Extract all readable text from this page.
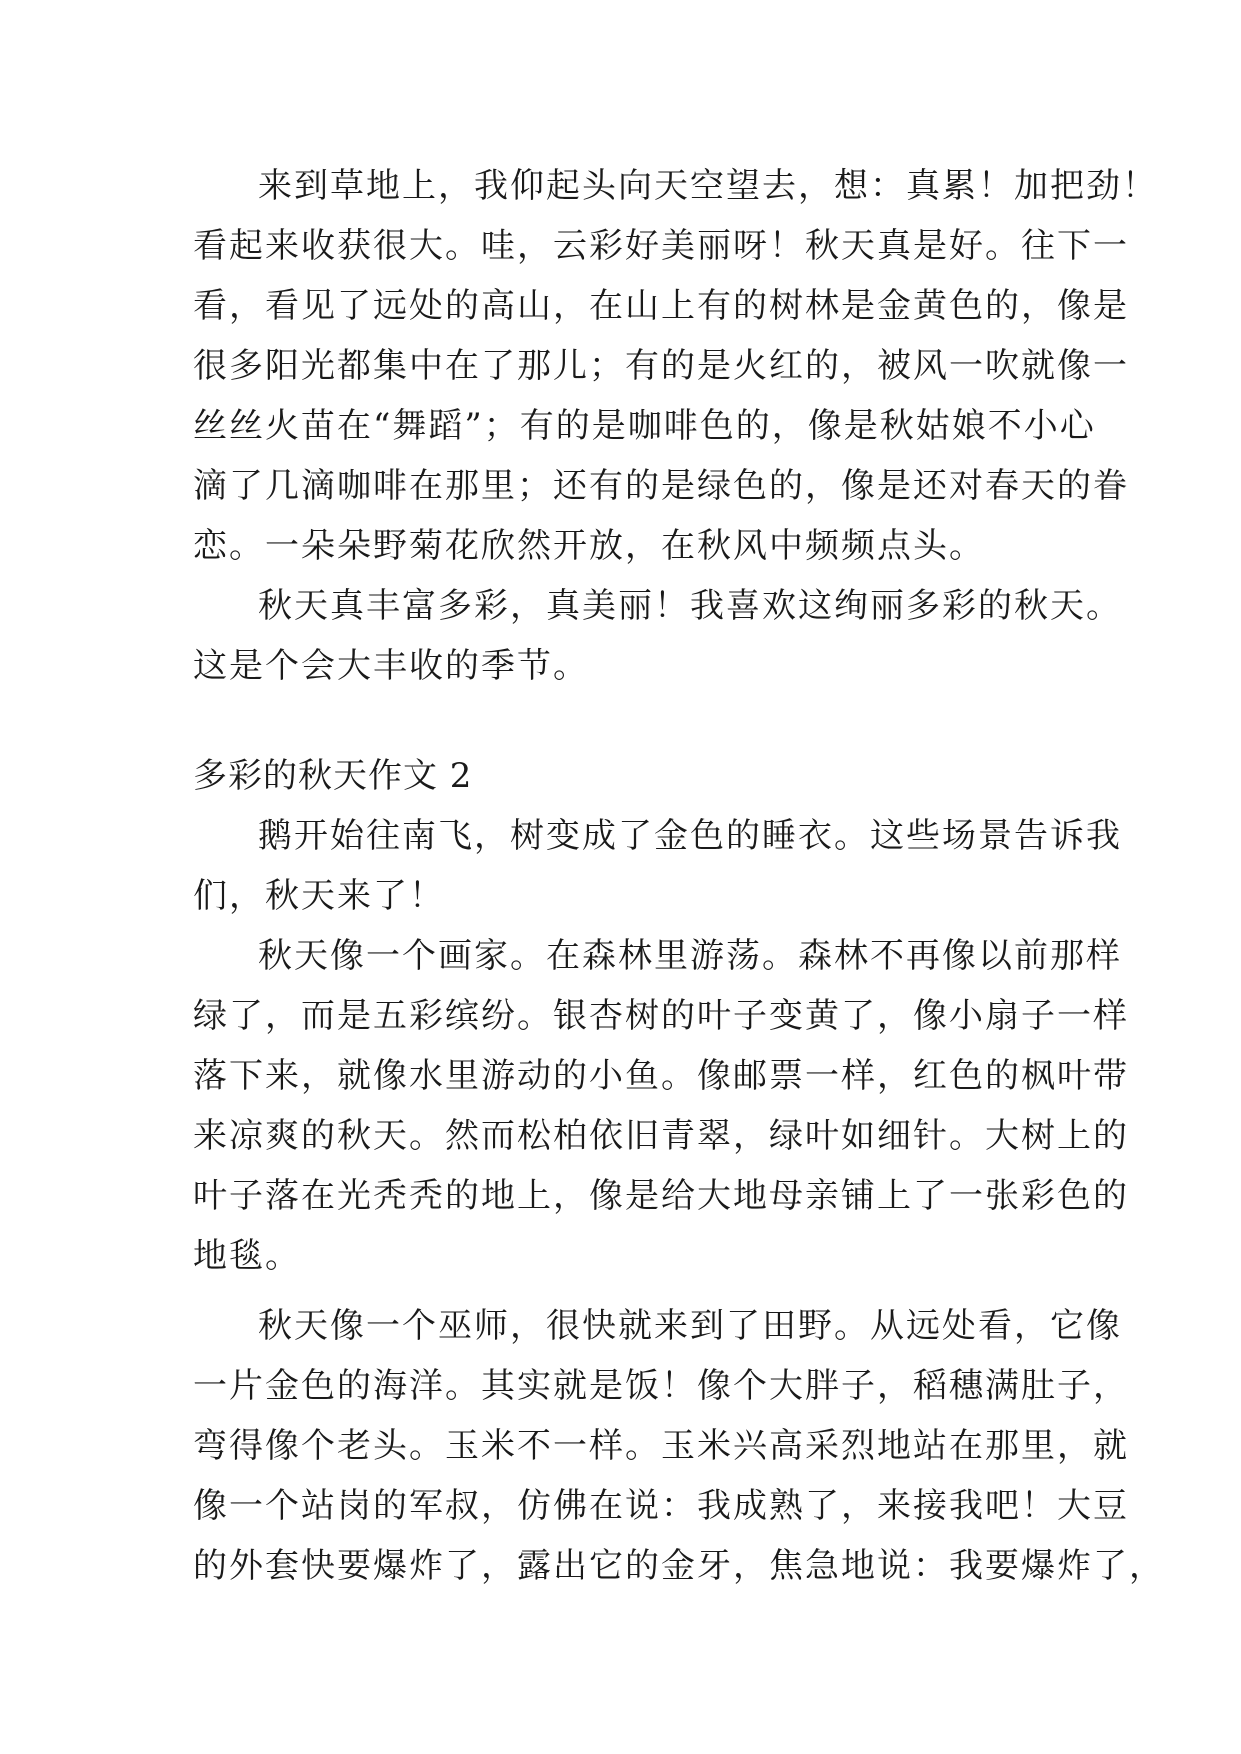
来到草地上，我仰起头向天空望去，想：真累！加把劲！
看起来收获很大。哇，云彩好美丽呀！秋天真是好。往下一
看，看见了远处的高山，在山上有的树林是金黄色的，像是
很多阳光都集中在了那儿；有的是火红的，被风一吹就像一
丝丝火苗在“舞蹈”；有的是咖啡色的，像是秋姑娘不小心
滴了几滴咖啡在那里；还有的是绿色的，像是还对春天的眷
恋。一朵朵野菊花欣然开放，在秋风中频频点头。
秋天真丰富多彩，真美丽！我喜欢这绚丽多彩的秋天。
这是个会大丰收的季节。
多彩的秋天作文 2
鹅开始往南飞，树变成了金色的睡衣。这些场景告诉我
们，秋天来了！
秋天像一个画家。在森林里游荡。森林不再像以前那样
绿了，而是五彩缤纷。银杏树的叶子变黄了，像小扇子一样
落下来，就像水里游动的小鱼。像邮票一样，红色的枫叶带
来凉爽的秋天。然而松柏依旧青翠，绿叶如细针。大树上的
叶子落在光秃秃的地上，像是给大地母亲铺上了一张彩色的
地毯。
秋天像一个巫师，很快就来到了田野。从远处看，它像
一片金色的海洋。其实就是饭！像个大胖子，稻穗满肚子，
弯得像个老头。玉米不一样。玉米兴高采烈地站在那里，就
像一个站岗的军叔，仿佛在说：我成熟了，来接我吧！大豆
的外套快要爆炸了，露出它的金牙，焦急地说：我要爆炸了，
